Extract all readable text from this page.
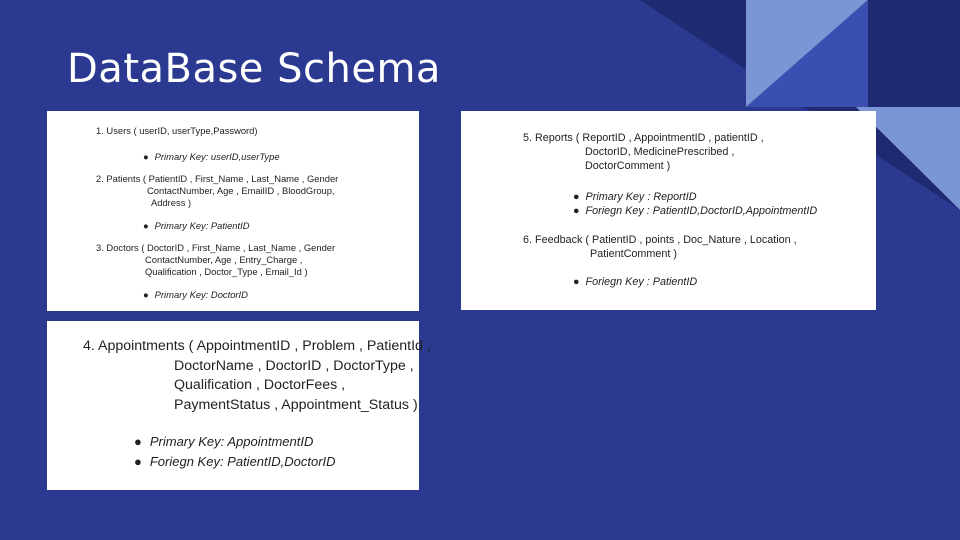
DataBase Schema
1. Users ( userID, userType,Password)
● Primary Key: userID,userType
2. Patients ( PatientID , First_Name , Last_Name , Gender
ContactNumber, Age , EmailID , BloodGroup,
Address )
● Primary Key: PatientID
3. Doctors ( DoctorID , First_Name , Last_Name , Gender
ContactNumber, Age , Entry_Charge ,
Qualification , Doctor_Type , Email_Id )
● Primary Key: DoctorID
5. Reports ( ReportID , AppointmentID , patientID ,
DoctorID, MedicinePrescribed ,
DoctorComment )
● Primary Key : ReportID
● Foriegn Key : PatientID,DoctorID,AppointmentID
6. Feedback ( PatientID , points , Doc_Nature , Location ,
PatientComment )
● Foriegn Key : PatientID
4. Appointments ( AppointmentID , Problem , PatientId ,
DoctorName , DoctorID , DoctorType ,
Qualification , DoctorFees ,
PaymentStatus , Appointment_Status )
● Primary Key: AppointmentID
● Foriegn Key: PatientID,DoctorID
